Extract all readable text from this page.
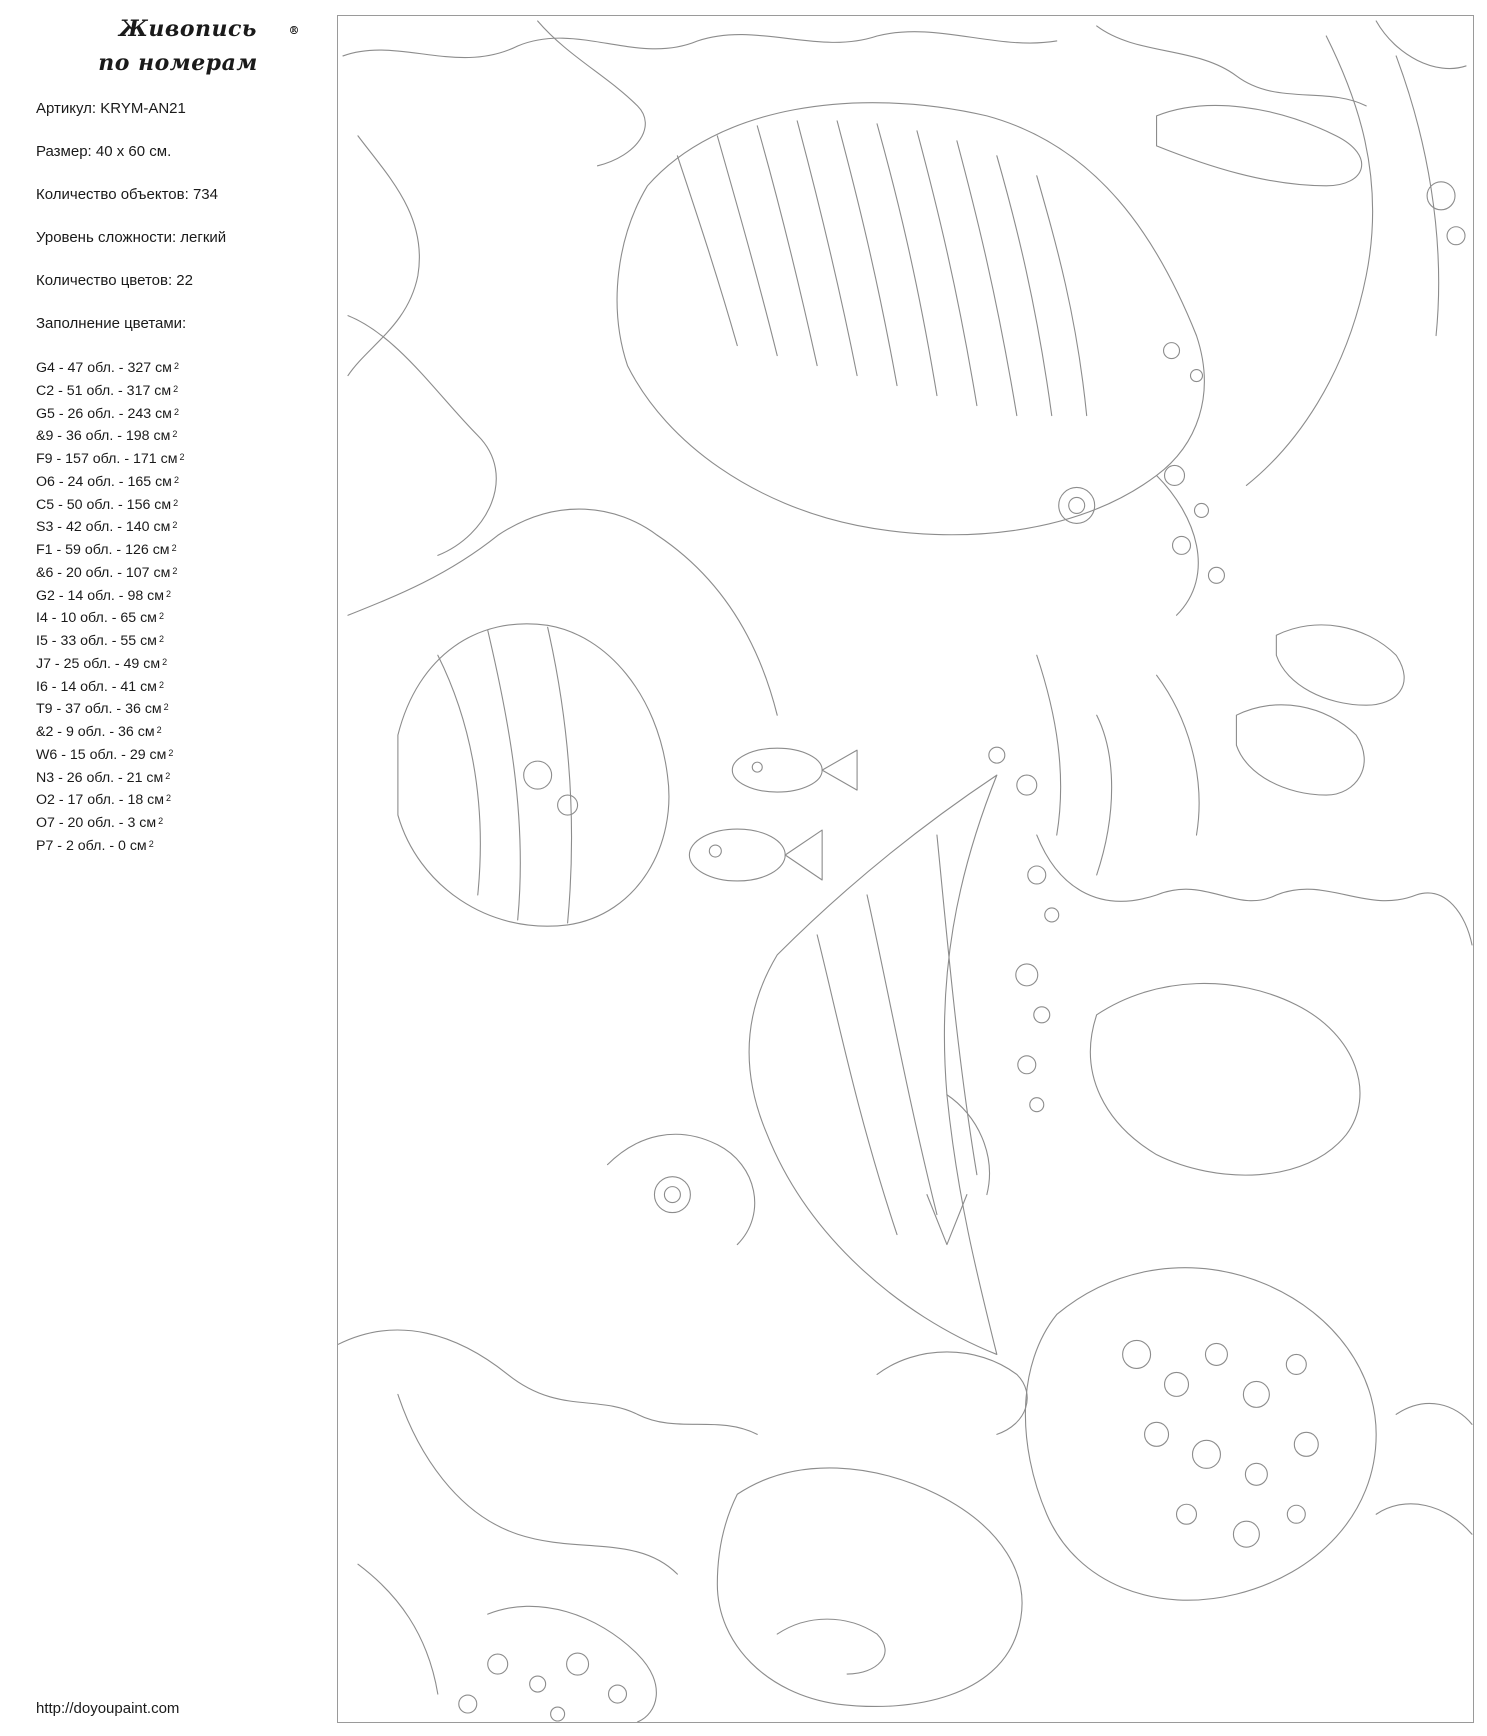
Живопись
по номерам
®

Артикул: KRYM-AN21

Размер: 40 х 60 см.

Количество объектов: 734

Уровень сложности: легкий

Количество цветов: 22

Заполнение цветами:

G4 - 47 обл. - 327 см $^2$
C2 - 51 обл. - 317 см $^2$
G5 - 26 обл. - 243 см $^2$
&9 - 36 обл. - 198 см $^2$
F9 - 157 обл. - 171 см $^2$
O6 - 24 обл. - 165 см $^2$
C5 - 50 обл. - 156 см $^2$
S3 - 42 обл. - 140 см $^2$
F1 - 59 обл. - 126 см $^2$
&6 - 20 обл. - 107 см $^2$
G2 - 14 обл. - 98 см $^2$
I4 - 10 обл. - 65 см $^2$
I5 - 33 обл. - 55 см $^2$
J7 - 25 обл. - 49 см $^2$
I6 - 14 обл. - 41 см $^2$
T9 - 37 обл. - 36 см $^2$
&2 - 9 обл. - 36 см $^2$
W6 - 15 обл. - 29 см $^2$
N3 - 26 обл. - 21 см $^2$
O2 - 17 обл. - 18 см $^2$
O7 - 20 обл. - 3 см $^2$
P7 - 2 обл. - 0 см $^2$
http://doyoupaint.com
